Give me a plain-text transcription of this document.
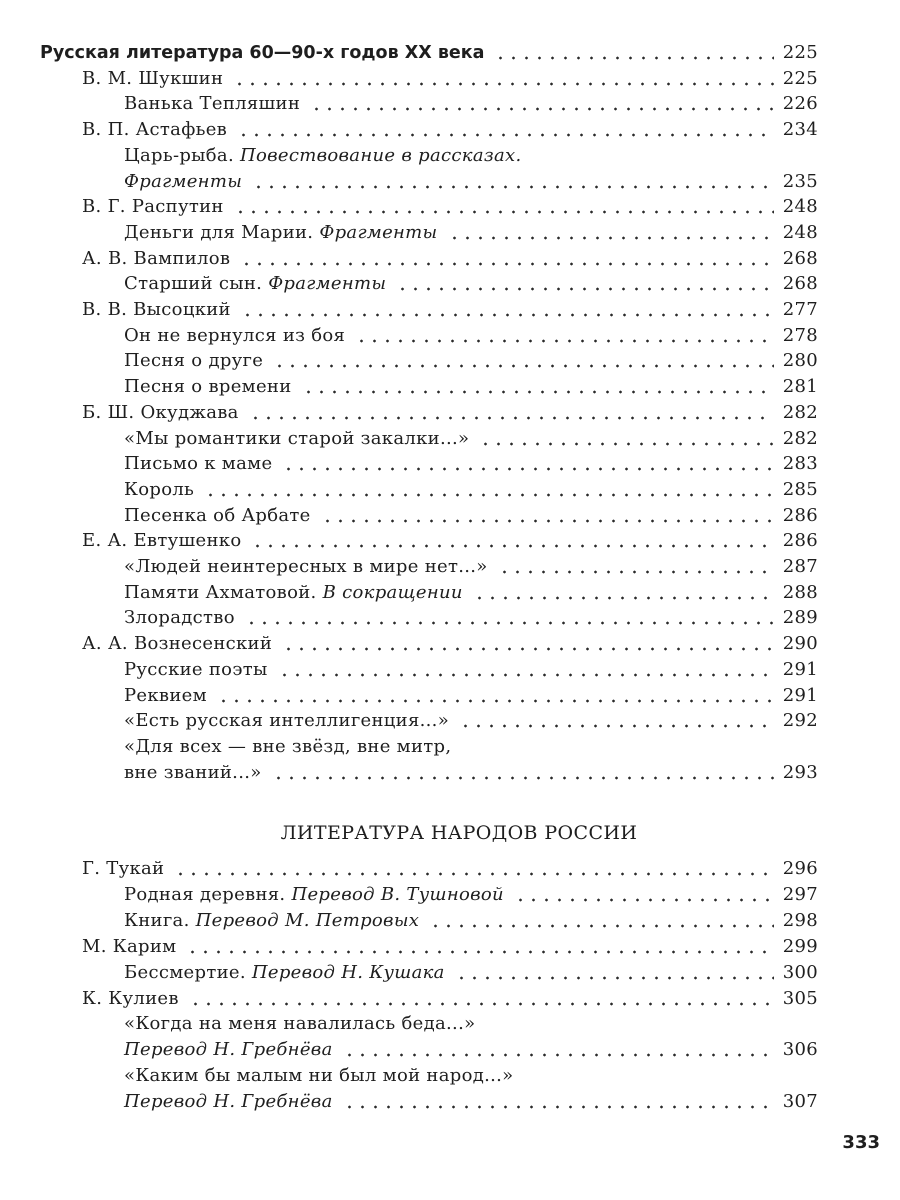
Русская литература 60—90-х годов XX века	225
В. М. Шукшин	225
Ванька Тепляшин	226
В. П. Астафьев	234
Царь-рыба. Повествование в рассказах.
Фрагменты	235
В. Г. Распутин	248
Деньги для Марии. Фрагменты	248
А. В. Вампилов	268
Старший сын. Фрагменты	268
В. В. Высоцкий	277
Он не вернулся из боя	278
Песня о друге	280
Песня о времени	281
Б. Ш. Окуджава	282
«Мы романтики старой закалки...»	282
Письмо к маме	283
Король	285
Песенка об Арбате	286
Е. А. Евтушенко	286
«Людей неинтересных в мире нет...»	287
Памяти Ахматовой. В сокращении	288
Злорадство	289
А. А. Вознесенский	290
Русские поэты	291
Реквием	291
«Есть русская интеллигенция...»	292
«Для всех — вне звёзд, вне митр,
вне званий...»	293
Г. Тукай	296
Родная деревня. Перевод В. Тушновой	297
Книга. Перевод М. Петровых	298
М. Карим	299
Бессмертие. Перевод Н. Кушака	300
К. Кулиев	305
«Когда на меня навалилась беда...»
Перевод Н. Гребнёва	306
«Каким бы малым ни был мой народ...»
Перевод Н. Гребнёва	307
ЛИТЕРАТУРА НАРОДОВ РОССИИ
333
